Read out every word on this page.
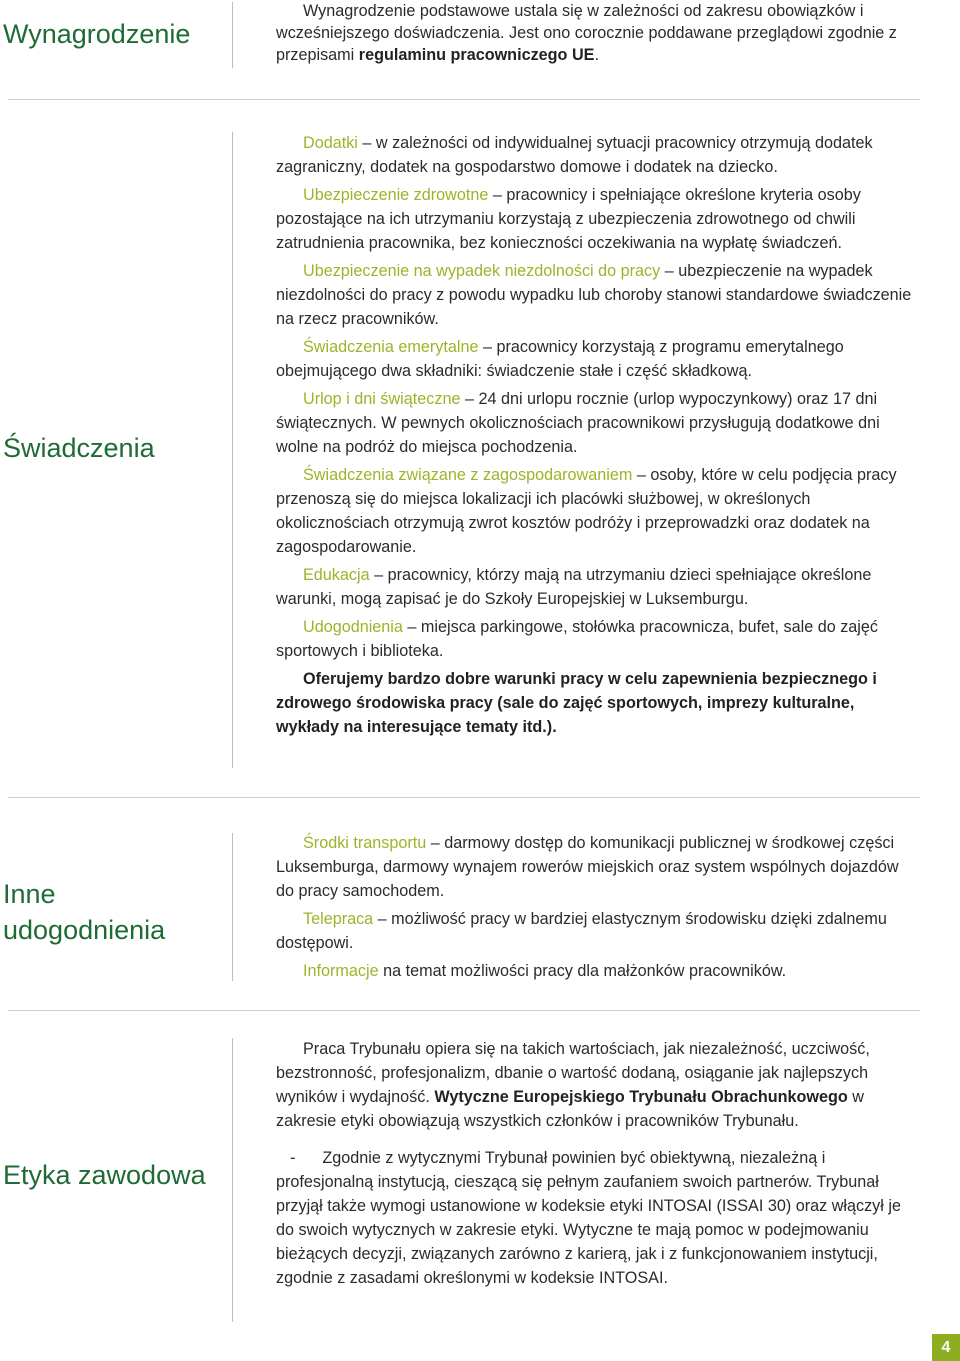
Wynagrodzenie

Wynagrodzenie podstawowe ustala się w zależności od zakresu obowiązków i wcześniejszego doświadczenia. Jest ono corocznie poddawane przeglądowi zgodnie z przepisami regulaminu pracowniczego UE.

Świadczenia

Dodatki – w zależności od indywidualnej sytuacji pracownicy otrzymują dodatek zagraniczny, dodatek na gospodarstwo domowe i dodatek na dziecko.

Ubezpieczenie zdrowotne – pracownicy i spełniające określone kryteria osoby pozostające na ich utrzymaniu korzystają z ubezpieczenia zdrowotnego od chwili zatrudnienia pracownika, bez konieczności oczekiwania na wypłatę świadczeń.

Ubezpieczenie na wypadek niezdolności do pracy – ubezpieczenie na wypadek niezdolności do pracy z powodu wypadku lub choroby stanowi standardowe świadczenie na rzecz pracowników.

Świadczenia emerytalne – pracownicy korzystają z programu emerytalnego obejmującego dwa składniki: świadczenie stałe i część składkową.

Urlop i dni świąteczne – 24 dni urlopu rocznie (urlop wypoczynkowy) oraz 17 dni świątecznych. W pewnych okolicznościach pracownikowi przysługują dodatkowe dni wolne na podróż do miejsca pochodzenia.

Świadczenia związane z zagospodarowaniem – osoby, które w celu podjęcia pracy przenoszą się do miejsca lokalizacji ich placówki służbowej, w określonych okolicznościach otrzymują zwrot kosztów podróży i przeprowadzki oraz dodatek na zagospodarowanie.

Edukacja – pracownicy, którzy mają na utrzymaniu dzieci spełniające określone warunki, mogą zapisać je do Szkoły Europejskiej w Luksemburgu.

Udogodnienia – miejsca parkingowe, stołówka pracownicza, bufet, sale do zajęć sportowych i biblioteka.

Oferujemy bardzo dobre warunki pracy w celu zapewnienia bezpiecznego i zdrowego środowiska pracy (sale do zajęć sportowych, imprezy kulturalne, wykłady na interesujące tematy itd.).

Inne
udogodnienia

Środki transportu – darmowy dostęp do komunikacji publicznej w środkowej części Luksemburga, darmowy wynajem rowerów miejskich oraz system wspólnych dojazdów do pracy samochodem.

Telepraca – możliwość pracy w bardziej elastycznym środowisku dzięki zdalnemu dostępowi.

Informacje na temat możliwości pracy dla małżonków pracowników.

Etyka zawodowa

Praca Trybunału opiera się na takich wartościach, jak niezależność, uczciwość, bezstronność, profesjonalizm, dbanie o wartość dodaną, osiąganie jak najlepszych wyników i wydajność. Wytyczne Europejskiego Trybunału Obrachunkowego w zakresie etyki obowiązują wszystkich członków i pracowników Trybunału.

- Zgodnie z wytycznymi Trybunał powinien być obiektywną, niezależną i profesjonalną instytucją, cieszącą się pełnym zaufaniem swoich partnerów. Trybunał przyjął także wymogi ustanowione w kodeksie etyki INTOSAI (ISSAI 30) oraz włączył je do swoich wytycznych w zakresie etyki. Wytyczne te mają pomoc w podejmowaniu bieżących decyzji, związanych zarówno z karierą, jak i z funkcjonowaniem instytucji, zgodnie z zasadami określonymi w kodeksie INTOSAI.

4
